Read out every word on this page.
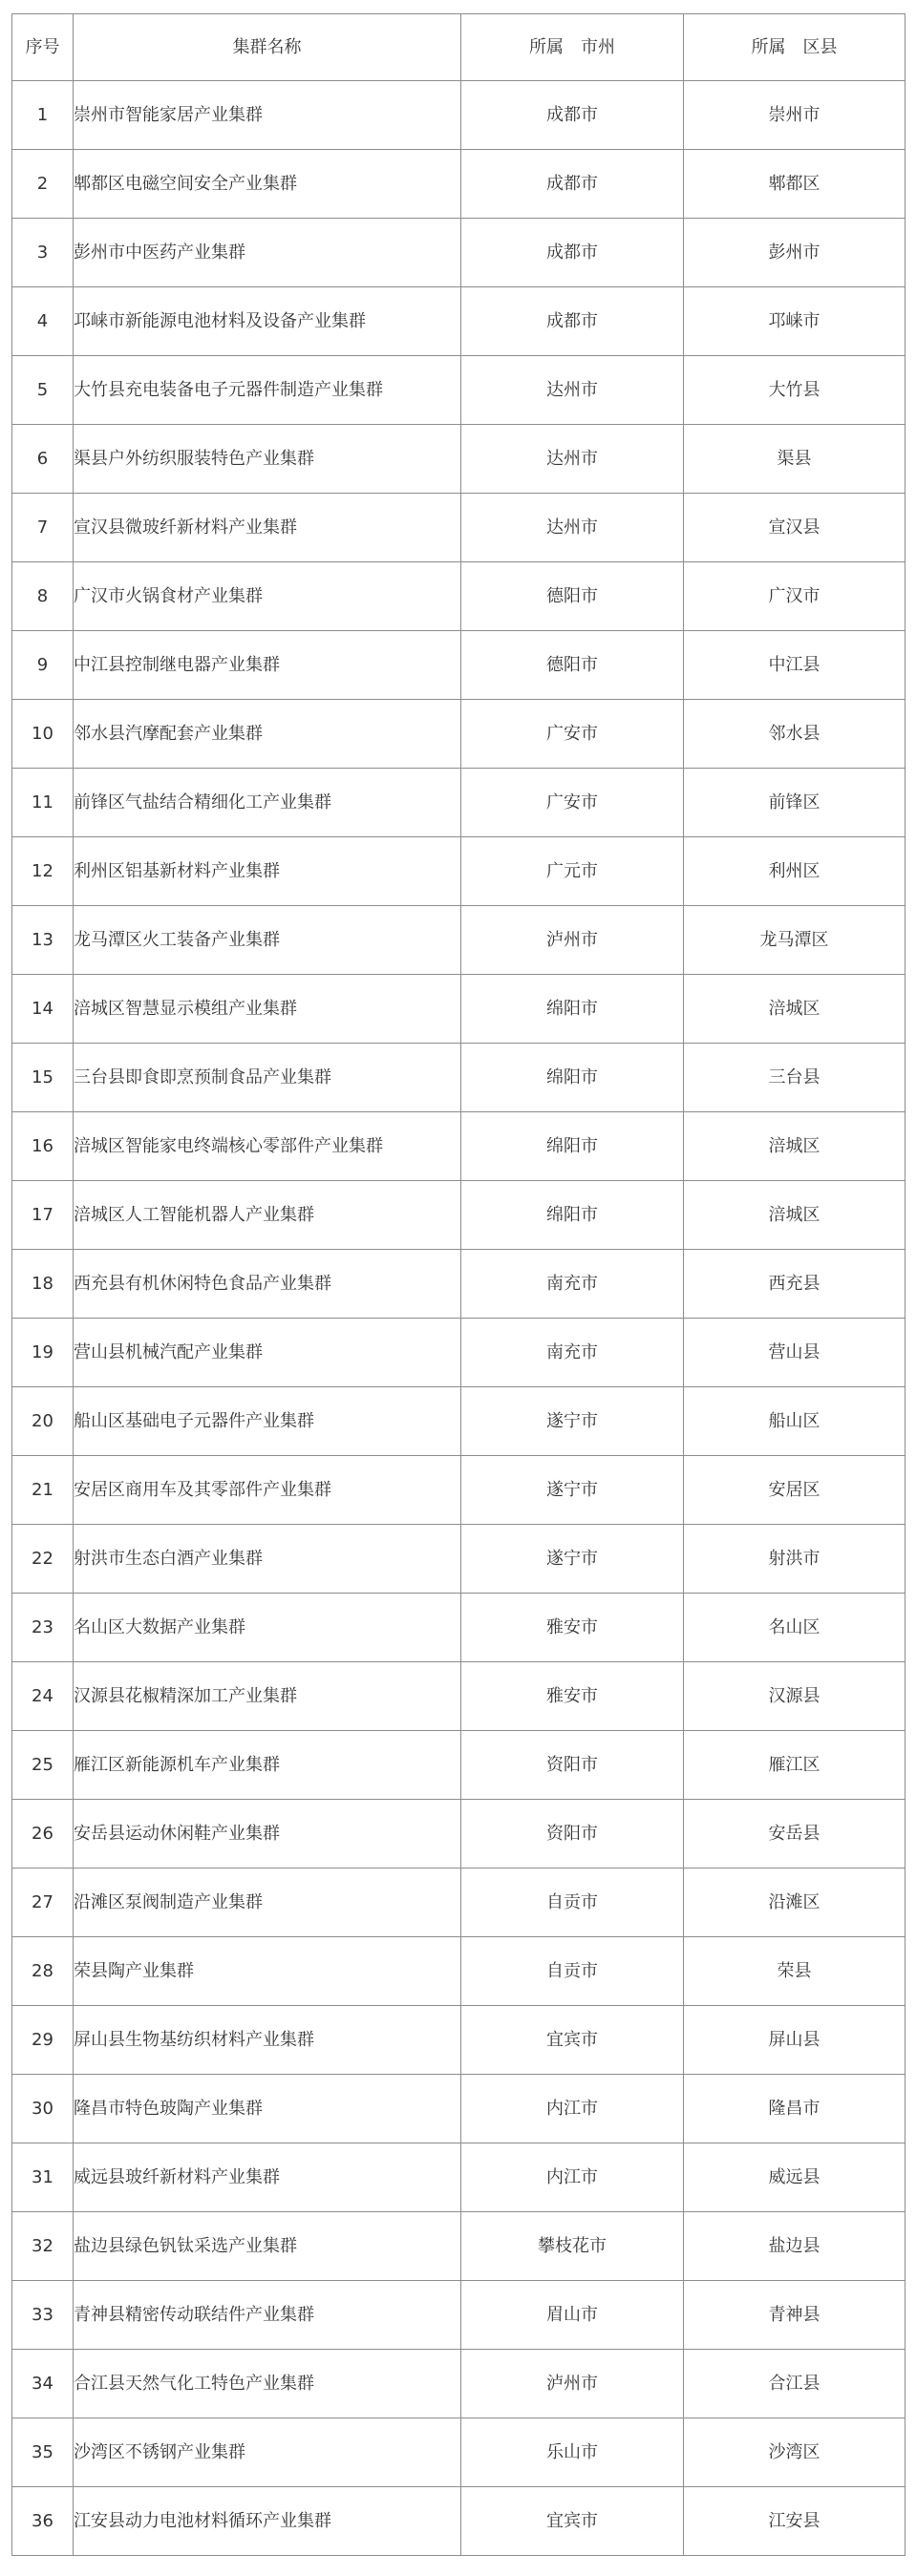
序号	集群名称	所属　市州	所属　区县
1	崇州市智能家居产业集群	成都市	崇州市
2	郫都区电磁空间安全产业集群	成都市	郫都区
3	彭州市中医药产业集群	成都市	彭州市
4	邛崃市新能源电池材料及设备产业集群	成都市	邛崃市
5	大竹县充电装备电子元器件制造产业集群	达州市	大竹县
6	渠县户外纺织服装特色产业集群	达州市	渠县
7	宣汉县微玻纤新材料产业集群	达州市	宣汉县
8	广汉市火锅食材产业集群	德阳市	广汉市
9	中江县控制继电器产业集群	德阳市	中江县
10	邻水县汽摩配套产业集群	广安市	邻水县
11	前锋区气盐结合精细化工产业集群	广安市	前锋区
12	利州区铝基新材料产业集群	广元市	利州区
13	龙马潭区火工装备产业集群	泸州市	龙马潭区
14	涪城区智慧显示模组产业集群	绵阳市	涪城区
15	三台县即食即烹预制食品产业集群	绵阳市	三台县
16	涪城区智能家电终端核心零部件产业集群	绵阳市	涪城区
17	涪城区人工智能机器人产业集群	绵阳市	涪城区
18	西充县有机休闲特色食品产业集群	南充市	西充县
19	营山县机械汽配产业集群	南充市	营山县
20	船山区基础电子元器件产业集群	遂宁市	船山区
21	安居区商用车及其零部件产业集群	遂宁市	安居区
22	射洪市生态白酒产业集群	遂宁市	射洪市
23	名山区大数据产业集群	雅安市	名山区
24	汉源县花椒精深加工产业集群	雅安市	汉源县
25	雁江区新能源机车产业集群	资阳市	雁江区
26	安岳县运动休闲鞋产业集群	资阳市	安岳县
27	沿滩区泵阀制造产业集群	自贡市	沿滩区
28	荣县陶产业集群	自贡市	荣县
29	屏山县生物基纺织材料产业集群	宜宾市	屏山县
30	隆昌市特色玻陶产业集群	内江市	隆昌市
31	威远县玻纤新材料产业集群	内江市	威远县
32	盐边县绿色钒钛采选产业集群	攀枝花市	盐边县
33	青神县精密传动联结件产业集群	眉山市	青神县
34	合江县天然气化工特色产业集群	泸州市	合江县
35	沙湾区不锈钢产业集群	乐山市	沙湾区
36	江安县动力电池材料循环产业集群	宜宾市	江安县
